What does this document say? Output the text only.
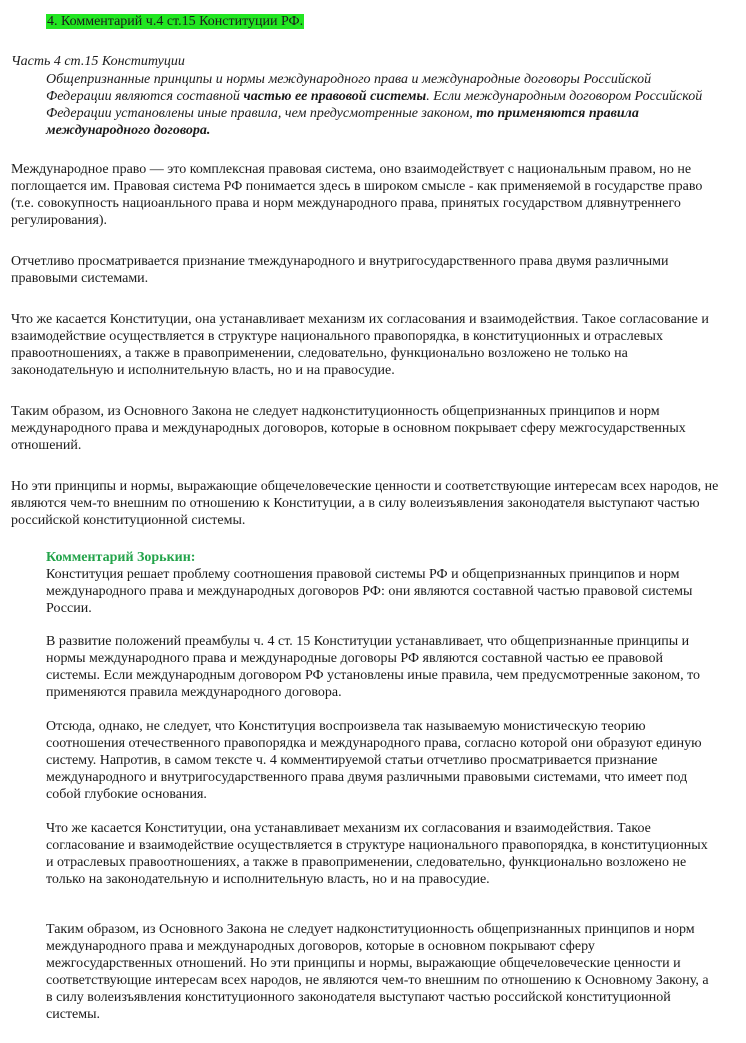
4. Комментарий ч.4 ст.15 Конституции РФ.

Часть 4 ст.15 Конституции

Общепризнанные принципы и нормы международного права и международные договоры Российской Федерации являются составной частью ее правовой системы. Если международным договором Российской Федерации установлены иные правила, чем предусмотренные законом, то применяются правила международного договора.

Международное право — это комплексная правовая система, оно взаимодействует с национальным правом, но не поглощается им. Правовая система РФ понимается здесь в широком смысле - как применяемой в государстве право (т.е. совокупность нациоанльного права и норм международного права, принятых государством длявнутреннего регулирования).

Отчетливо просматривается признание тмеждународного и внутригосударственного права двумя различными правовыми системами.

Что же касается Конституции, она устанавливает механизм их согласования и взаимодействия. Такое согласование и взаимодействие осуществляется в структуре национального правопорядка, в конституционных и отраслевых правоотношениях, а также в правоприменении, следовательно, функционально возложено не только на законодательную и исполнительную власть, но и на правосудие.

Таким образом, из Основного Закона не следует надконституционность общепризнанных принципов и норм международного права и международных договоров, которые в основном покрывает сферу межгосударственных отношений.

Но эти принципы и нормы, выражающие общечеловеческие ценности и соответствующие интересам всех народов, не являются чем-то внешним по отношению к Конституции, а в силу волеизъявления законодателя выступают частью российской конституционной системы.

Комментарий Зорькин:

Конституция решает проблему соотношения правовой системы РФ и общепризнанных принципов и норм международного права и международных договоров РФ: они являются составной частью правовой системы России.

В развитие положений преамбулы ч. 4 ст. 15 Конституции устанавливает, что общепризнанные принципы и нормы международного права и международные договоры РФ являются составной частью ее правовой системы. Если международным договором РФ установлены иные правила, чем предусмотренные законом, то применяются правила международного договора.

Отсюда, однако, не следует, что Конституция воспроизвела так называемую монистическую теорию соотношения отечественного правопорядка и международного права, согласно которой они образуют единую систему. Напротив, в самом тексте ч. 4 комментируемой статьи отчетливо просматривается признание международного и внутригосударственного права двумя различными правовыми системами, что имеет под собой глубокие основания.

Что же касается Конституции, она устанавливает механизм их согласования и взаимодействия. Такое согласование и взаимодействие осуществляется в структуре национального правопорядка, в конституционных и отраслевых правоотношениях, а также в правоприменении, следовательно, функционально возложено не только на законодательную и исполнительную власть, но и на правосудие.

Таким образом, из Основного Закона не следует надконституционность общепризнанных принципов и норм международного права и международных договоров, которые в основном покрывают сферу межгосударственных отношений. Но эти принципы и нормы, выражающие общечеловеческие ценности и соответствующие интересам всех народов, не являются чем-то внешним по отношению к Основному Закону, а в силу волеизъявления конституционного законодателя выступают частью российской конституционной системы.
